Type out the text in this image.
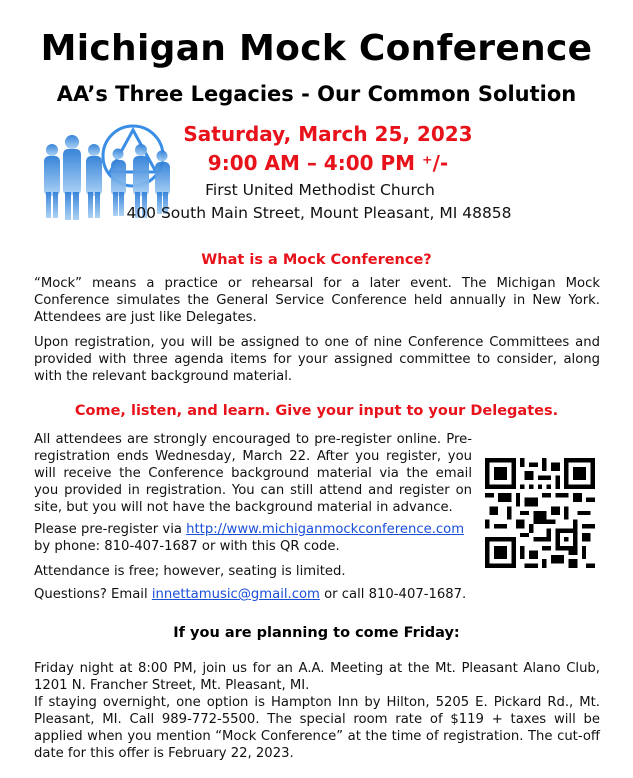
Michigan Mock Conference
AA’s Three Legacies - Our Common Solution
Saturday, March 25, 2023
9:00 AM – 4:00 PM ⁺/-
First United Methodist Church
400 South Main Street, Mount Pleasant, MI 48858
What is a Mock Conference?
“Mock” means a practice or rehearsal for a later event. The Michigan Mock Conference simulates the General Service Conference held annually in New York. Attendees are just like Delegates.
Upon registration, you will be assigned to one of nine Conference Committees and provided with three agenda items for your assigned committee to consider, along with the relevant background material.
Come, listen, and learn. Give your input to your Delegates.
All attendees are strongly encouraged to pre-register online. Pre-registration ends Wednesday, March 22. After you register, you will receive the Conference background material via the email you provided in registration. You can still attend and register on site, but you will not have the background material in advance.
Please pre-register via http://www.michiganmockconference.com
by phone: 810-407-1687 or with this QR code.
Attendance is free; however, seating is limited.
Questions? Email innettamusic@gmail.com or call 810-407-1687.
If you are planning to come Friday:
Friday night at 8:00 PM, join us for an A.A. Meeting at the Mt. Pleasant Alano Club, 1201 N. Francher Street, Mt. Pleasant, MI.
If staying overnight, one option is Hampton Inn by Hilton, 5205 E. Pickard Rd., Mt. Pleasant, MI. Call 989-772-5500. The special room rate of $119 + taxes will be applied when you mention “Mock Conference” at the time of registration. The cut-off date for this offer is February 22, 2023.
